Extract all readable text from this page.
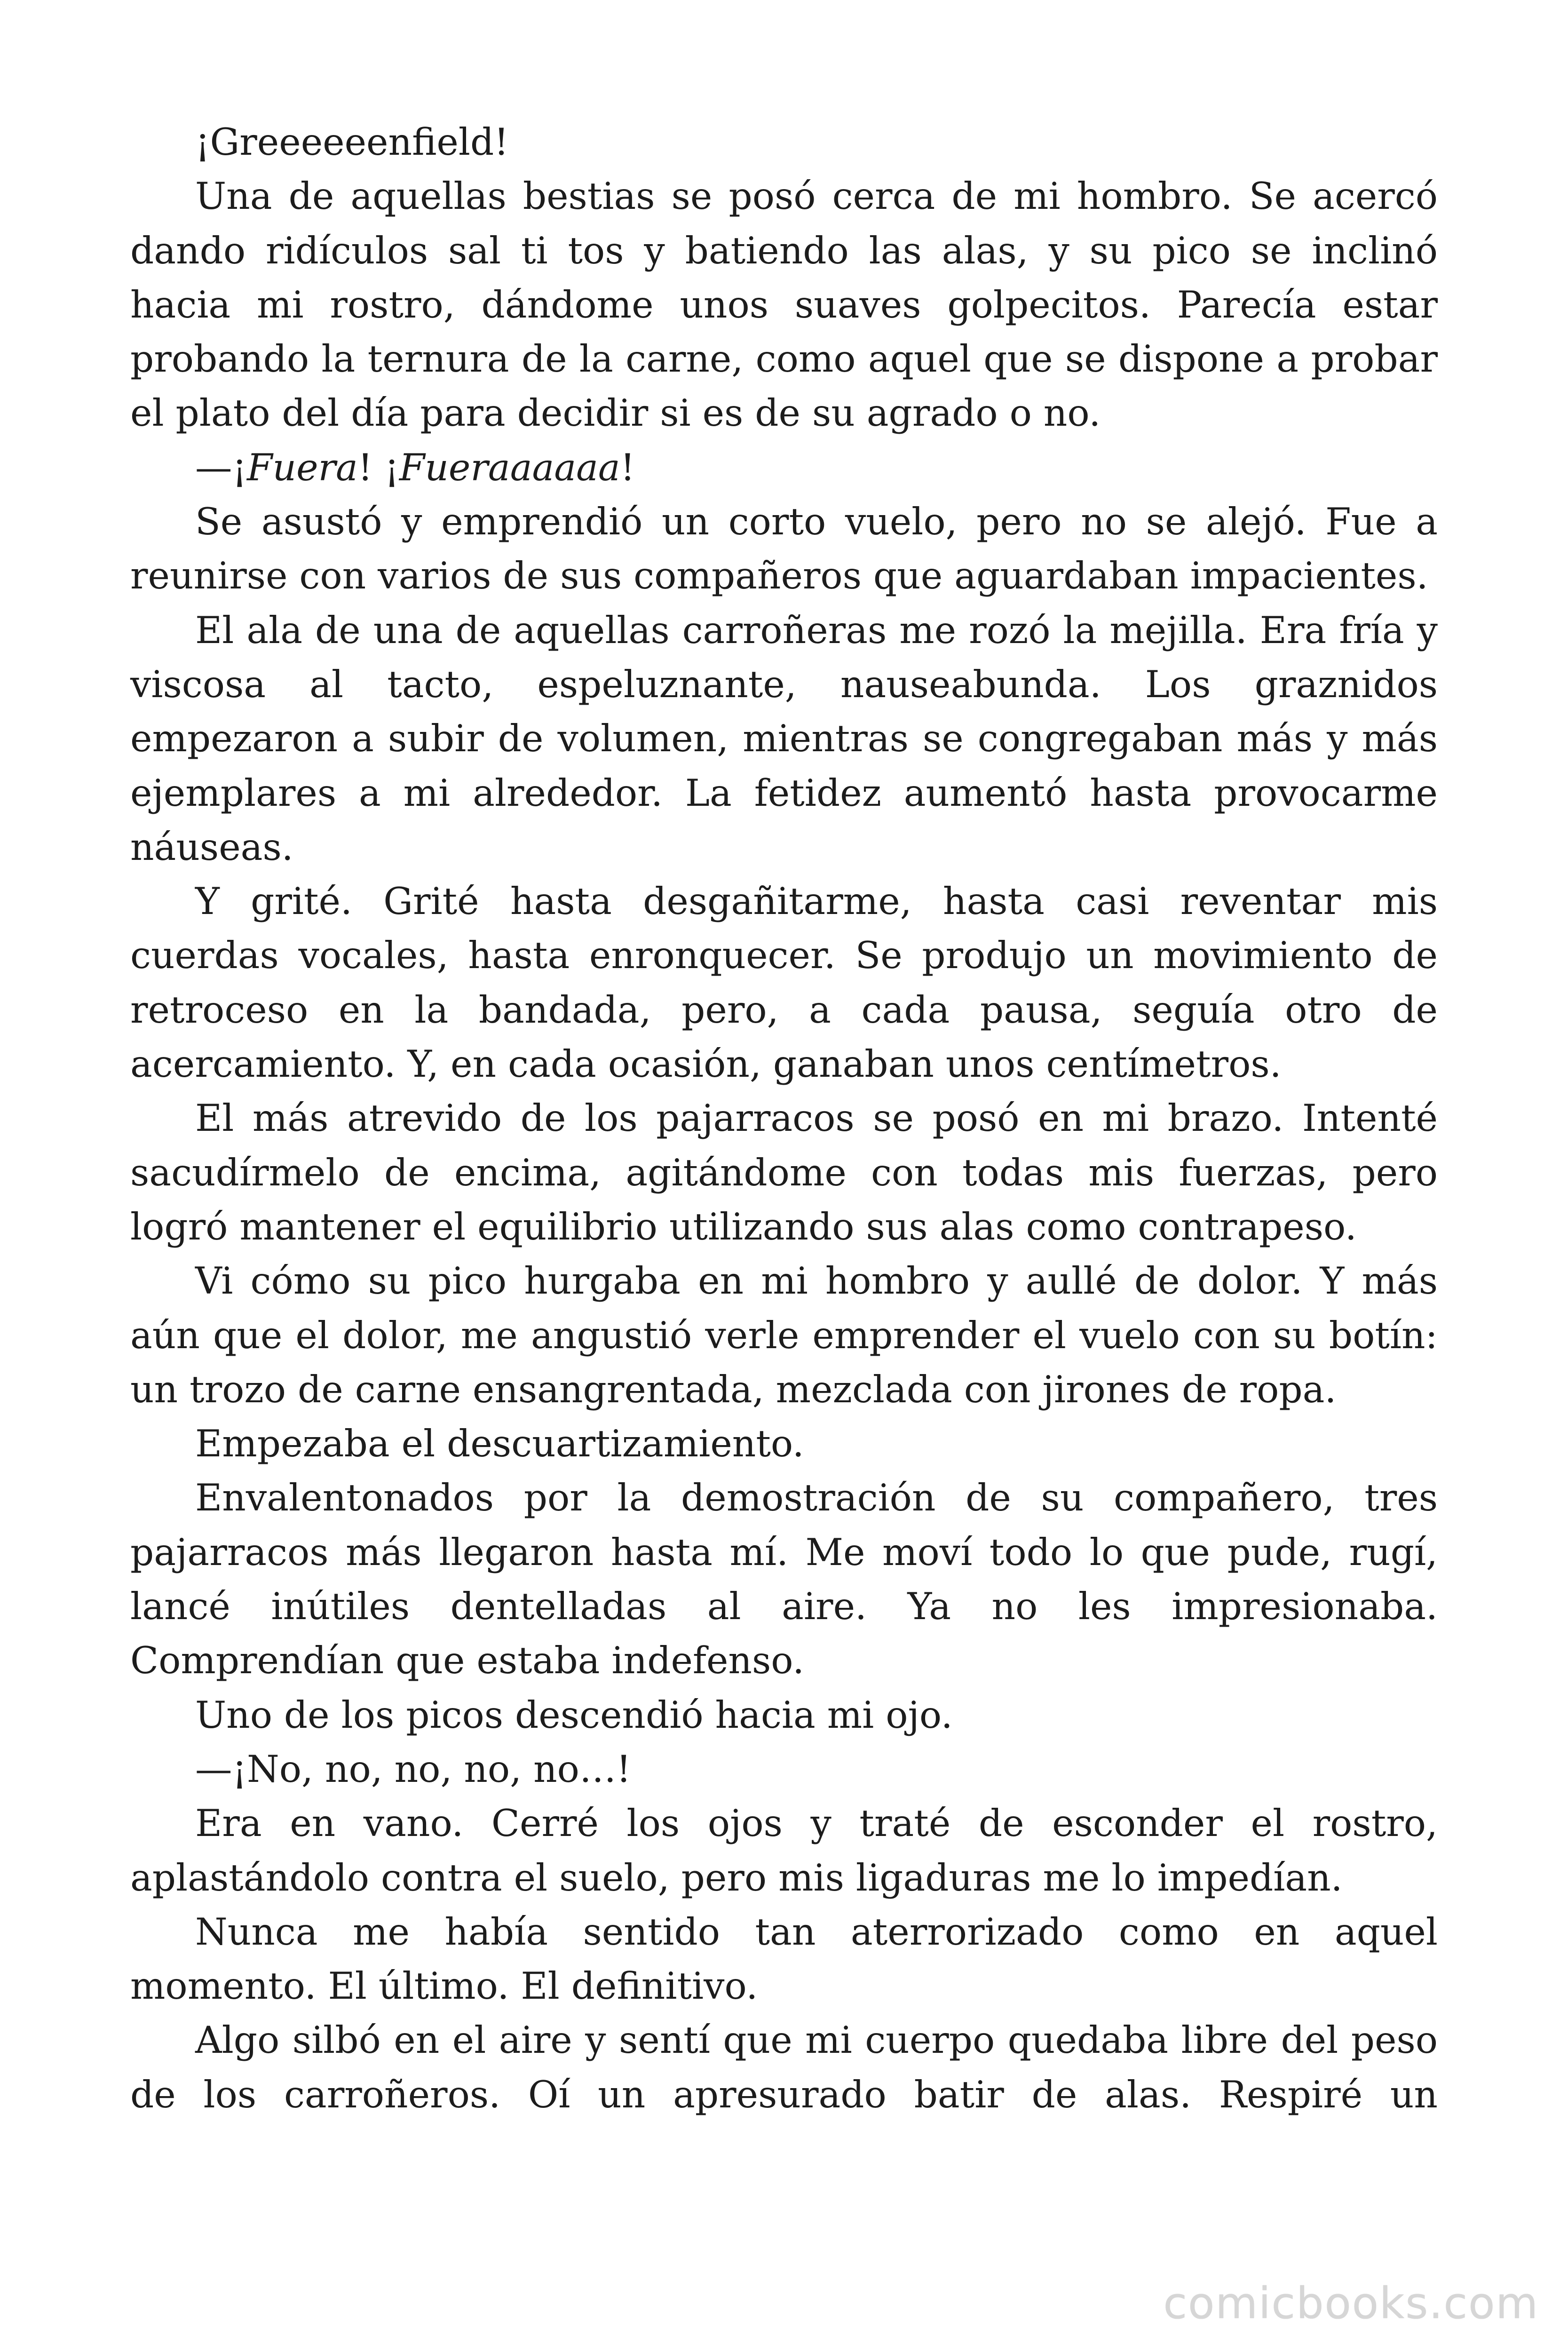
¡Greeeeeenfield!

Una de aquellas bestias se posó cerca de mi hombro. Se acercó dando ridículos sal ti tos y batiendo las alas, y su pico se inclinó hacia mi rostro, dándome unos suaves golpecitos. Parecía estar probando la ternura de la carne, como aquel que se dispone a probar el plato del día para decidir si es de su agrado o no.

—¡Fuera! ¡Fueraaaaaa!

Se asustó y emprendió un corto vuelo, pero no se alejó. Fue a reunirse con varios de sus compañeros que aguardaban impacientes.

El ala de una de aquellas carroñeras me rozó la mejilla. Era fría y viscosa al tacto, espeluznante, nauseabunda. Los graznidos empezaron a subir de volumen, mientras se congregaban más y más ejemplares a mi alrededor. La fetidez aumentó hasta provocarme náuseas.

Y grité. Grité hasta desgañitarme, hasta casi reventar mis cuerdas vocales, hasta enronquecer. Se produjo un movimiento de retroceso en la bandada, pero, a cada pausa, seguía otro de acercamiento. Y, en cada ocasión, ganaban unos centímetros.

El más atrevido de los pajarracos se posó en mi brazo. Intenté sacudírmelo de encima, agitándome con todas mis fuerzas, pero logró mantener el equilibrio utilizando sus alas como contrapeso.

Vi cómo su pico hurgaba en mi hombro y aullé de dolor. Y más aún que el dolor, me angustió verle emprender el vuelo con su botín: un trozo de carne ensangrentada, mezclada con jirones de ropa.

Empezaba el descuartizamiento.

Envalentonados por la demostración de su compañero, tres pajarracos más llegaron hasta mí. Me moví todo lo que pude, rugí, lancé inútiles dentelladas al aire. Ya no les impresionaba. Comprendían que estaba indefenso.

Uno de los picos descendió hacia mi ojo.

—¡No, no, no, no, no…!

Era en vano. Cerré los ojos y traté de esconder el rostro, aplastándolo contra el suelo, pero mis ligaduras me lo impedían.

Nunca me había sentido tan aterrorizado como en aquel momento. El último. El definitivo.

Algo silbó en el aire y sentí que mi cuerpo quedaba libre del peso de los carroñeros. Oí un apresurado batir de alas. Respiré un

comicbooks.com
